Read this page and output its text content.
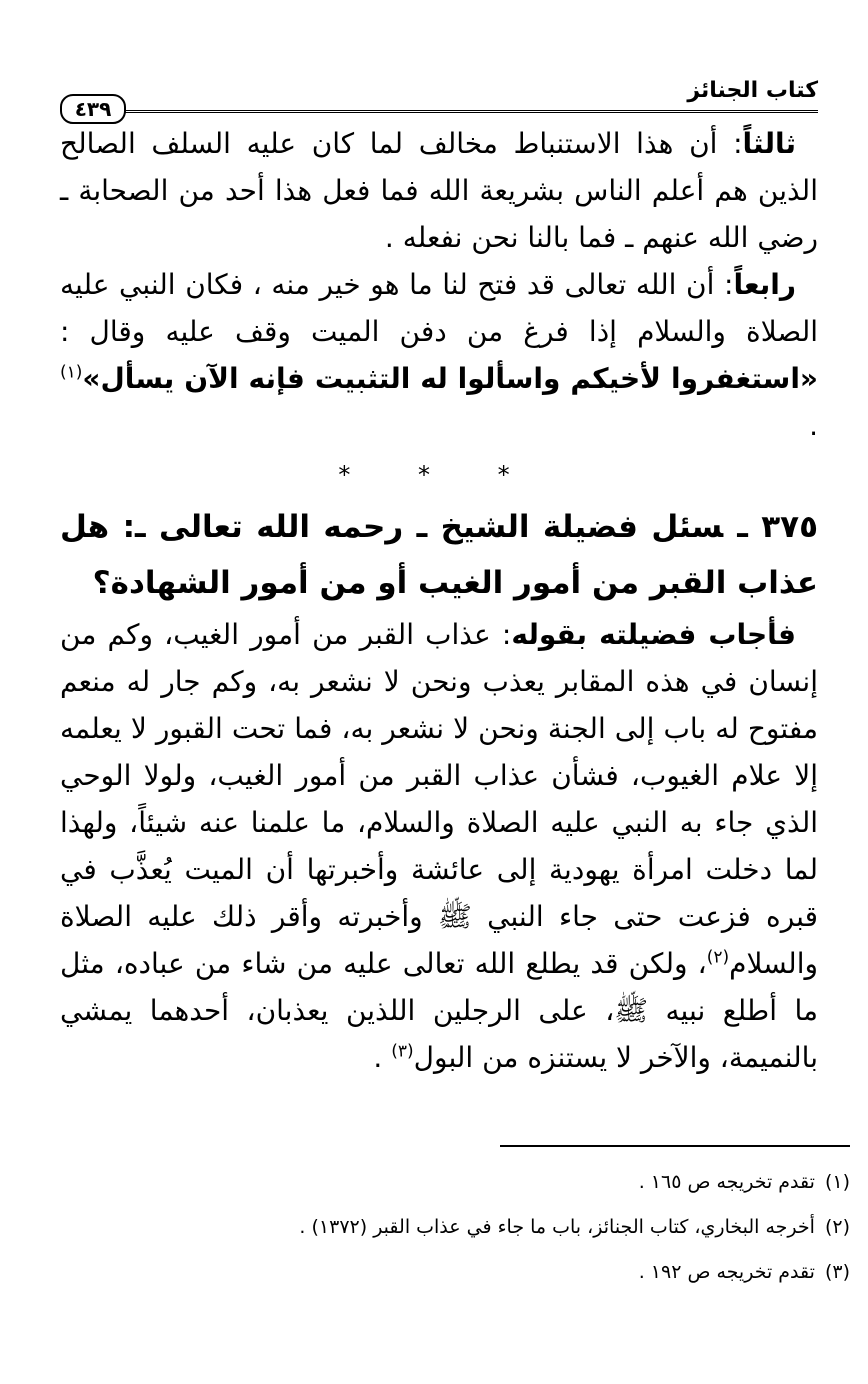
كتاب الجنائز
٤٣٩

ثالثاً: أن هذا الاستنباط مخالف لما كان عليه السلف الصالح الذين هم أعلم الناس بشريعة الله فما فعل هذا أحد من الصحابة ـ رضي الله عنهم ـ فما بالنا نحن نفعله .

رابعاً: أن الله تعالى قد فتح لنا ما هو خير منه ، فكان النبي عليه الصلاة والسلام إذا فرغ من دفن الميت وقف عليه وقال : «استغفروا لأخيكم واسألوا له التثبيت فإنه الآن يسأل»$^{(١)}$ .

* * *

٣٧٥ ـسئل فضيلة الشيخ ـ رحمه الله تعالى ـ: هل عذاب القبر من أمور الغيب أو من أمور الشهادة؟

فأجاب فضيلته بقوله: عذاب القبر من أمور الغيب، وكم من إنسان في هذه المقابر يعذب ونحن لا نشعر به، وكم جار له منعم مفتوح له باب إلى الجنة ونحن لا نشعر به، فما تحت القبور لا يعلمه إلا علام الغيوب، فشأن عذاب القبر من أمور الغيب، ولولا الوحي الذي جاء به النبي عليه الصلاة والسلام، ما علمنا عنه شيئاً، ولهذا لما دخلت امرأة يهودية إلى عائشة وأخبرتها أن الميت يُعذَّب في قبره فزعت حتى جاء النبي ﷺ وأخبرته وأقر ذلك عليه الصلاة والسلام$^{(٢)}$، ولكن قد يطلع الله تعالى عليه من شاء من عباده، مثل ما أطلع نبيه ﷺ، على الرجلين اللذين يعذبان، أحدهما يمشي بالنميمة، والآخر لا يستنزه من البول$^{(٣)}$ .

(١)تقدم تخريجه ص ١٦٥ .

(٢)أخرجه البخاري، كتاب الجنائز، باب ما جاء في عذاب القبر (١٣٧٢) .

(٣)تقدم تخريجه ص ١٩٢ .
